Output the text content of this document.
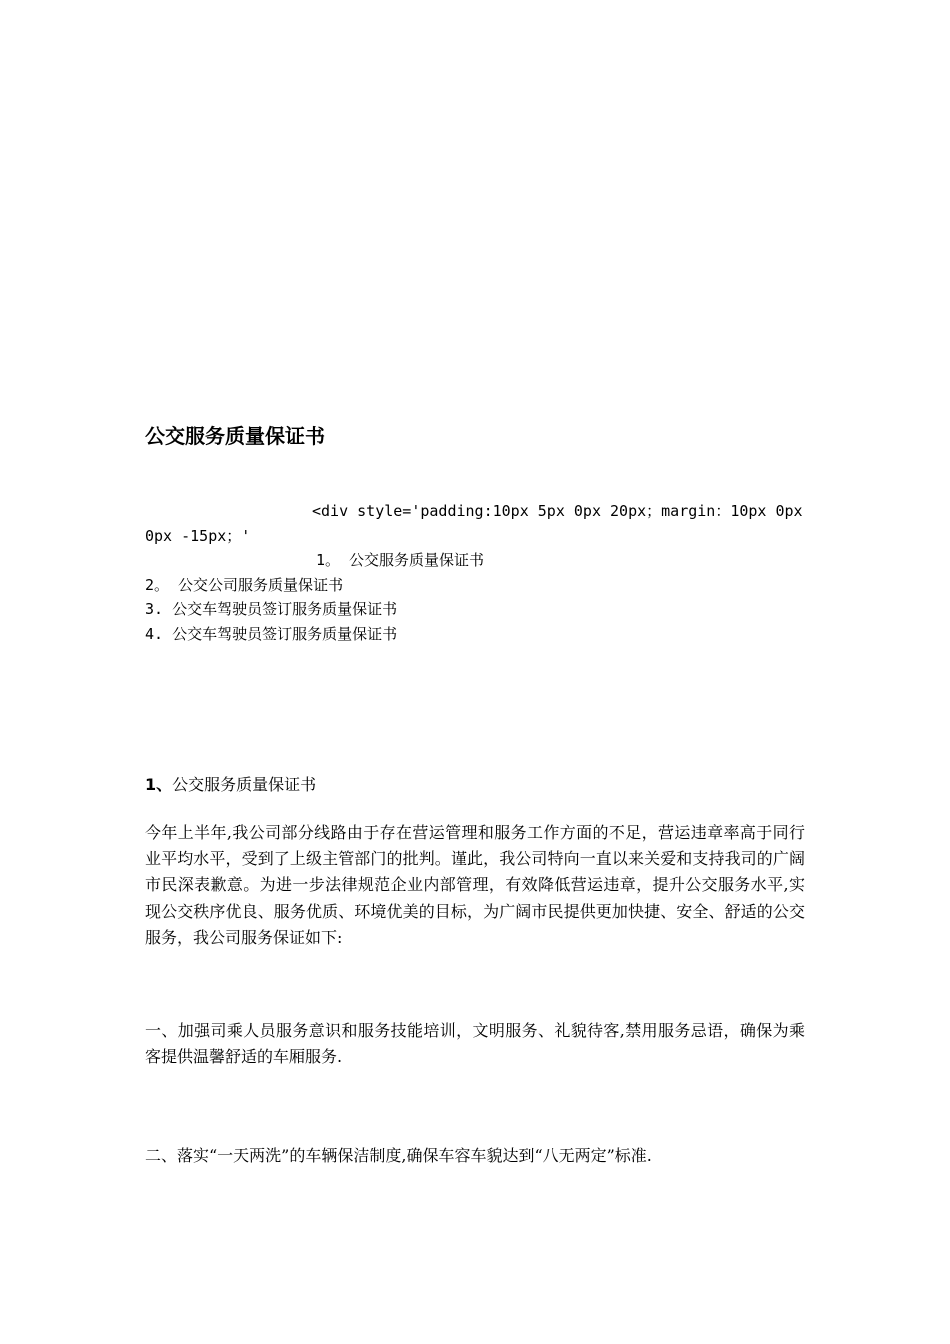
公交服务质量保证书
<div style='padding:10px 5px 0px 20px；margin：10px 0px
0px -15px；'
1。 公交服务质量保证书
2。 公交公司服务质量保证书
3. 公交车驾驶员签订服务质量保证书
4. 公交车驾驶员签订服务质量保证书
1、公交服务质量保证书

今年上半年,我公司部分线路由于存在营运管理和服务工作方面的不足，营运违章率高于同行业平均水平，受到了上级主管部门的批判。谨此，我公司特向一直以来关爱和支持我司的广阔市民深表歉意。为进一步法律规范企业内部管理，有效降低营运违章，提升公交服务水平,实现公交秩序优良、服务优质、环境优美的目标，为广阔市民提供更加快捷、安全、舒适的公交服务，我公司服务保证如下:

一、加强司乘人员服务意识和服务技能培训，文明服务、礼貌待客,禁用服务忌语，确保为乘客提供温馨舒适的车厢服务.

二、落实“一天两洗”的车辆保洁制度,确保车容车貌达到“八无两定”标准.
